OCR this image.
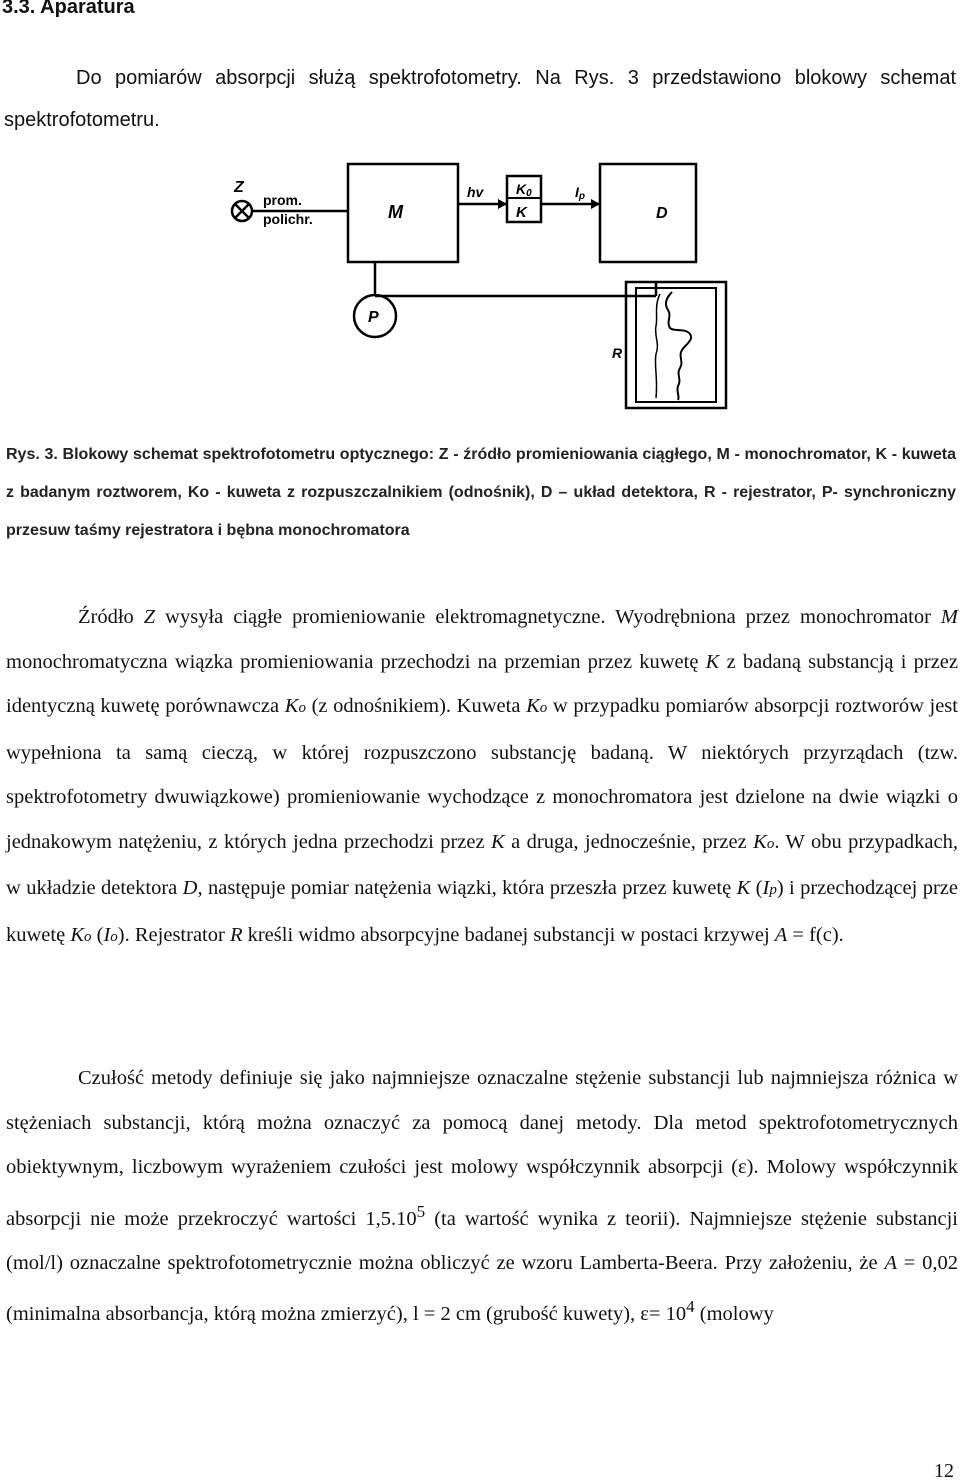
3.3. Aparatura

Do pomiarów absorpcji służą spektrofotometry. Na Rys. 3 przedstawiono blokowy schemat spektrofotometru.

Z
prom.
polichr.	M
hv K0
K
Ip
D
P
R

Rys. 3. Blokowy schemat spektrofotometru optycznego: Z - źródło promieniowania ciągłego, M - monochromator, K - kuweta z badanym roztworem, Ko - kuweta z rozpuszczalnikiem (odnośnik), D – układ detektora, R - rejestrator, P- synchroniczny przesuw taśmy rejestratora i bębna monochromatora

Źródło Z wysyła ciągłe promieniowanie elektromagnetyczne. Wyodrębniona przez monochromator M monochromatyczna wiązka promieniowania przechodzi na przemian przez kuwetę K z badaną substancją i przez identyczną kuwetę porównawcza Ko (z odnośnikiem). Kuweta Ko w przypadku pomiarów absorpcji roztworów jest wypełniona ta samą cieczą, w której rozpuszczono substancję badaną. W niektórych przyrządach (tzw. spektrofotometry dwuwiązkowe) promieniowanie wychodzące z monochromatora jest dzielone na dwie wiązki o jednakowym natężeniu, z których jedna przechodzi przez K a druga, jednocześnie, przez Ko. W obu przypadkach, w układzie detektora D, następuje pomiar natężenia wiązki, która przeszła przez kuwetę K (Ip) i przechodzącej prze kuwetę Ko (Io). Rejestrator R kreśli widmo absorpcyjne badanej substancji w postaci krzywej A = f(c).

Czułość metody definiuje się jako najmniejsze oznaczalne stężenie substancji lub najmniejsza różnica w stężeniach substancji, którą można oznaczyć za pomocą danej metody. Dla metod spektrofotometrycznych obiektywnym, liczbowym wyrażeniem czułości jest molowy współczynnik absorpcji (ε). Molowy współczynnik absorpcji nie może przekroczyć wartości 1,5.10$^5$ (ta wartość wynika z teorii). Najmniejsze stężenie substancji (mol/l) oznaczalne spektrofotometrycznie można obliczyć ze wzoru Lamberta-Beera. Przy założeniu, że A = 0,02 (minimalna absorbancja, którą można zmierzyć), l = 2 cm (grubość kuwety), $\varepsilon= 10^4$ (molowy

12
